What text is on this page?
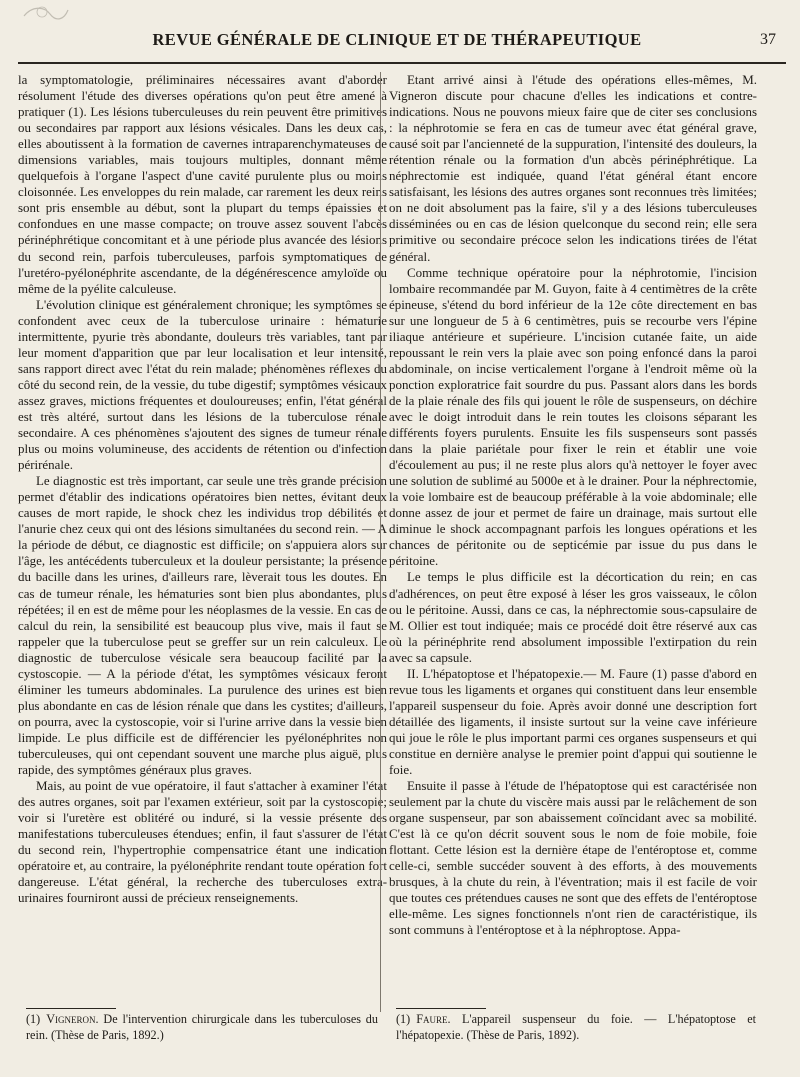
REVUE GÉNÉRALE DE CLINIQUE ET DE THÉRAPEUTIQUE	37

la symptomatologie, préliminaires nécessaires avant d'aborder résolument l'étude des diverses opérations qu'on peut être amené à pratiquer (1). Les lésions tuberculeuses du rein peuvent être primitives ou secondaires par rapport aux lésions vésicales. Dans les deux cas, elles aboutissent à la formation de cavernes intraparenchymateuses de dimensions variables, mais toujours multiples, donnant même quelquefois à l'organe l'aspect d'une cavité purulente plus ou moins cloisonnée. Les enveloppes du rein malade, car rarement les deux reins sont pris ensemble au début, sont la plupart du temps épaissies et confondues en une masse compacte; on trouve assez souvent l'abcès périnéphrétique concomitant et à une période plus avancée des lésions du second rein, parfois tuberculeuses, parfois symptomatiques de l'uretéro-pyélonéphrite ascendante, de la dégénérescence amyloïde ou même de la pyélite calculeuse.

L'évolution clinique est généralement chronique; les symptômes se confondent avec ceux de la tuberculose urinaire : hématurie intermittente, pyurie très abondante, douleurs très variables, tant par leur moment d'apparition que par leur localisation et leur intensité, sans rapport direct avec l'état du rein malade; phénomènes réflexes du côté du second rein, de la vessie, du tube digestif; symptômes vésicaux assez graves, mictions fréquentes et douloureuses; enfin, l'état général est très altéré, surtout dans les lésions de la tuberculose rénale secondaire. A ces phénomènes s'ajoutent des signes de tumeur rénale plus ou moins volumineuse, des accidents de rétention ou d'infection périrénale.

Le diagnostic est très important, car seule une très grande précision permet d'établir des indications opératoires bien nettes, évitant deux causes de mort rapide, le shock chez les individus trop débilités et l'anurie chez ceux qui ont des lésions simultanées du second rein. — A la période de début, ce diagnostic est difficile; on s'appuiera alors sur l'âge, les antécédents tuberculeux et la douleur persistante; la présence du bacille dans les urines, d'ailleurs rare, lèverait tous les doutes. En cas de tumeur rénale, les hématuries sont bien plus abondantes, plus répétées; il en est de même pour les néoplasmes de la vessie. En cas de calcul du rein, la sensibilité est beaucoup plus vive, mais il faut se rappeler que la tuberculose peut se greffer sur un rein calculeux. Le diagnostic de tuberculose vésicale sera beaucoup facilité par la cystoscopie. — A la période d'état, les symptômes vésicaux feront éliminer les tumeurs abdominales. La purulence des urines est bien plus abondante en cas de lésion rénale que dans les cystites; d'ailleurs, on pourra, avec la cystoscopie, voir si l'urine arrive dans la vessie bien limpide. Le plus difficile est de différencier les pyélonéphrites non tuberculeuses, qui ont cependant souvent une marche plus aiguë, plus rapide, des symptômes généraux plus graves.

Mais, au point de vue opératoire, il faut s'attacher à examiner l'état des autres organes, soit par l'examen extérieur, soit par la cystoscopie; voir si l'uretère est oblitéré ou induré, si la vessie présente des manifestations tuberculeuses étendues; enfin, il faut s'assurer de l'état du second rein, l'hypertrophie compensatrice étant une indication opératoire et, au contraire, la pyélonéphrite rendant toute opération fort dangereuse. L'état général, la recherche des tuberculoses extra-urinaires fourniront aussi de précieux renseignements.

Etant arrivé ainsi à l'étude des opérations elles-mêmes, M. Vigneron discute pour chacune d'elles les indications et contre-indications. Nous ne pouvons mieux faire que de citer ses conclusions : la néphrotomie se fera en cas de tumeur avec état général grave, causé soit par l'ancienneté de la suppuration, l'intensité des douleurs, la rétention rénale ou la formation d'un abcès périnéphrétique. La néphrectomie est indiquée, quand l'état général étant encore satisfaisant, les lésions des autres organes sont reconnues très limitées; on ne doit absolument pas la faire, s'il y a des lésions tuberculeuses disséminées ou en cas de lésion quelconque du second rein; elle sera primitive ou secondaire précoce selon les indications tirées de l'état général.

Comme technique opératoire pour la néphrotomie, l'incision lombaire recommandée par M. Guyon, faite à 4 centimètres de la crête épineuse, s'étend du bord inférieur de la 12e côte directement en bas sur une longueur de 5 à 6 centimètres, puis se recourbe vers l'épine iliaque antérieure et supérieure. L'incision cutanée faite, un aide repoussant le rein vers la plaie avec son poing enfoncé dans la paroi abdominale, on incise verticalement l'organe à l'endroit même où la ponction exploratrice fait sourdre du pus. Passant alors dans les bords de la plaie rénale des fils qui jouent le rôle de suspenseurs, on déchire avec le doigt introduit dans le rein toutes les cloisons séparant les différents foyers purulents. Ensuite les fils suspenseurs sont passés dans la plaie pariétale pour fixer le rein et établir une voie d'écoulement au pus; il ne reste plus alors qu'à nettoyer le foyer avec une solution de sublimé au 5000e et à le drainer. Pour la néphrectomie, la voie lombaire est de beaucoup préférable à la voie abdominale; elle donne assez de jour et permet de faire un drainage, mais surtout elle diminue le shock accompagnant parfois les longues opérations et les chances de péritonite ou de septicémie par issue du pus dans le péritoine.

Le temps le plus difficile est la décortication du rein; en cas d'adhérences, on peut être exposé à léser les gros vaisseaux, le côlon ou le péritoine. Aussi, dans ce cas, la néphrectomie sous-capsulaire de M. Ollier est tout indiquée; mais ce procédé doit être réservé aux cas où la périnéphrite rend absolument impossible l'extirpation du rein avec sa capsule.

II. L'hépatoptose et l'hépatopexie.— M. Faure (1) passe d'abord en revue tous les ligaments et organes qui constituent dans leur ensemble l'appareil suspenseur du foie. Après avoir donné une description fort détaillée des ligaments, il insiste surtout sur la veine cave inférieure qui joue le rôle le plus important parmi ces organes suspenseurs et qui constitue en dernière analyse le premier point d'appui qui soutienne le foie.

Ensuite il passe à l'étude de l'hépatoptose qui est caractérisée non seulement par la chute du viscère mais aussi par le relâchement de son organe suspenseur, par son abaissement coïncidant avec sa mobilité. C'est là ce qu'on décrit souvent sous le nom de foie mobile, foie flottant. Cette lésion est la dernière étape de l'entéroptose et, comme celle-ci, semble succéder souvent à des efforts, à des mouvements brusques, à la chute du rein, à l'éventration; mais il est facile de voir que toutes ces prétendues causes ne sont que des effets de l'entéroptose elle-même. Les signes fonctionnels n'ont rien de caractéristique, ils sont communs à l'entéroptose et à la néphroptose. Appa-

(1) Vigneron. De l'intervention chirurgicale dans les tuberculoses du rein. (Thèse de Paris, 1892.)
(1) Faure. L'appareil suspenseur du foie. — L'hépatoptose et l'hépatopexie. (Thèse de Paris, 1892).
